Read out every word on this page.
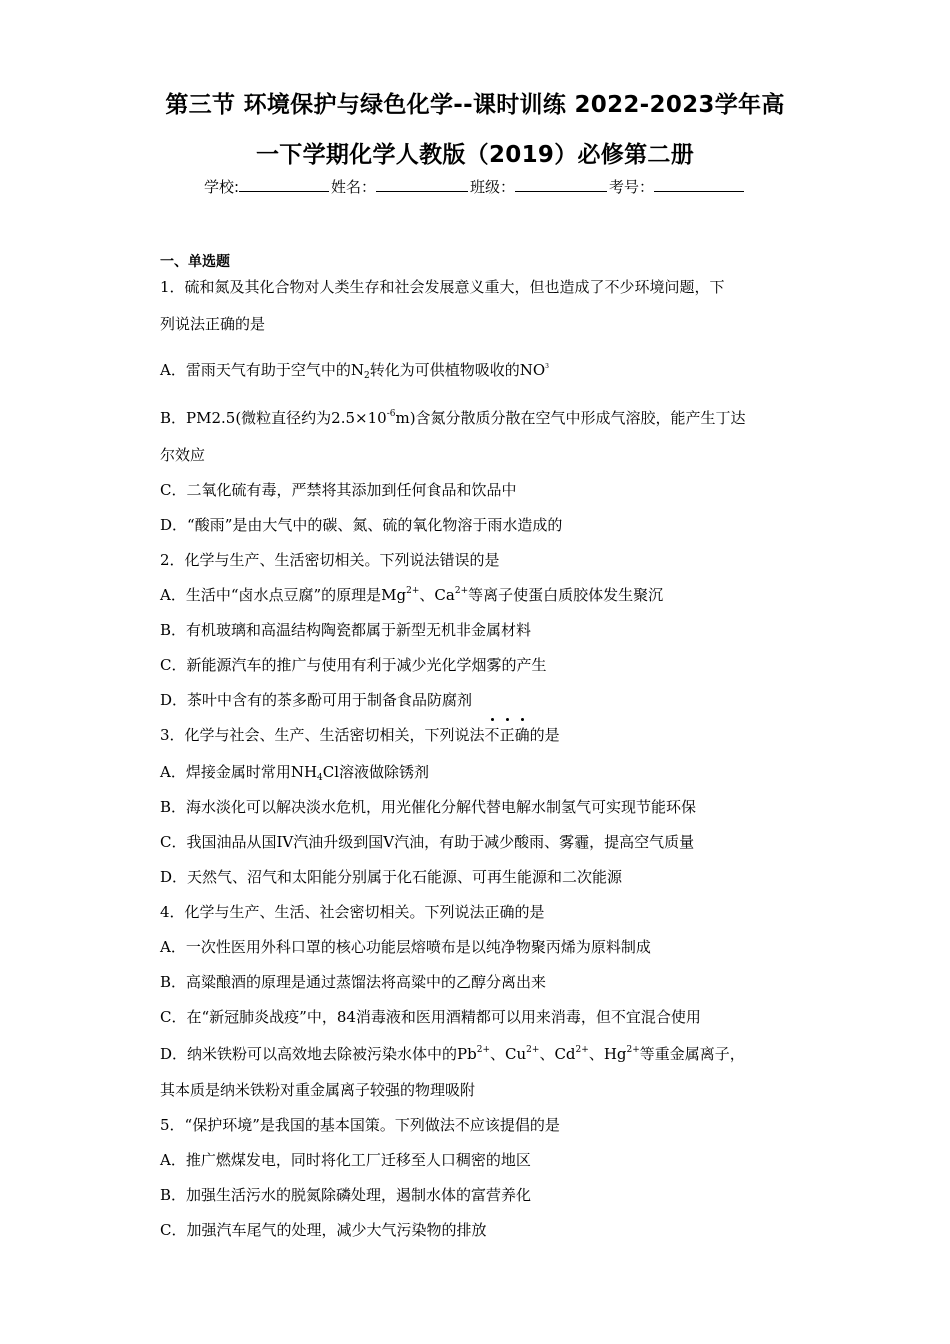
第三节 环境保护与绿色化学--课时训练 2022-2023学年高
一下学期化学人教版（2019）必修第二册
学校:	姓名：	班级：	考号：
一、单选题
1．硫和氮及其化合物对人类生存和社会发展意义重大，但也造成了不少环境问题，下
列说法正确的是
A．雷雨天气有助于空气中的$N_2$转化为可供植物吸收的$NO^3$
B．PM2.5(微粒直径约为$2.5\times 10^{-6}m$)含氮分散质分散在空气中形成气溶胶，能产生丁达
尔效应
C．二氧化硫有毒，严禁将其添加到任何食品和饮品中
D．“酸雨”是由大气中的碳、氮、硫的氧化物溶于雨水造成的
2．化学与生产、生活密切相关。下列说法错误的是
A．生活中“卤水点豆腐”的原理是$Mg^{2+}$、$Ca^{2+}$等离子使蛋白质胶体发生聚沉
B．有机玻璃和高温结构陶瓷都属于新型无机非金属材料
C．新能源汽车的推广与使用有利于减少光化学烟雾的产生
D．茶叶中含有的茶多酚可用于制备食品防腐剂
3．化学与社会、生产、生活密切相关，下列说法不正确的是
A．焊接金属时常用$NH_4Cl$溶液做除锈剂
B．海水淡化可以解决淡水危机，用光催化分解代替电解水制氢气可实现节能环保
C．我国油品从国IV汽油升级到国V汽油，有助于减少酸雨、雾霾，提高空气质量
D．天然气、沼气和太阳能分别属于化石能源、可再生能源和二次能源
4．化学与生产、生活、社会密切相关。下列说法正确的是
A．一次性医用外科口罩的核心功能层熔喷布是以纯净物聚丙烯为原料制成
B．高粱酿酒的原理是通过蒸馏法将高粱中的乙醇分离出来
C．在“新冠肺炎战疫”中，84消毒液和医用酒精都可以用来消毒，但不宜混合使用
D．纳米铁粉可以高效地去除被污染水体中的$Pb^{2+}$、$Cu^{2+}$、$Cd^{2+}$、$Hg^{2+}$等重金属离子，
其本质是纳米铁粉对重金属离子较强的物理吸附
5．“保护环境”是我国的基本国策。下列做法不应该提倡的是
A．推广燃煤发电，同时将化工厂迁移至人口稠密的地区
B．加强生活污水的脱氮除磷处理，遏制水体的富营养化
C．加强汽车尾气的处理，减少大气污染物的排放
